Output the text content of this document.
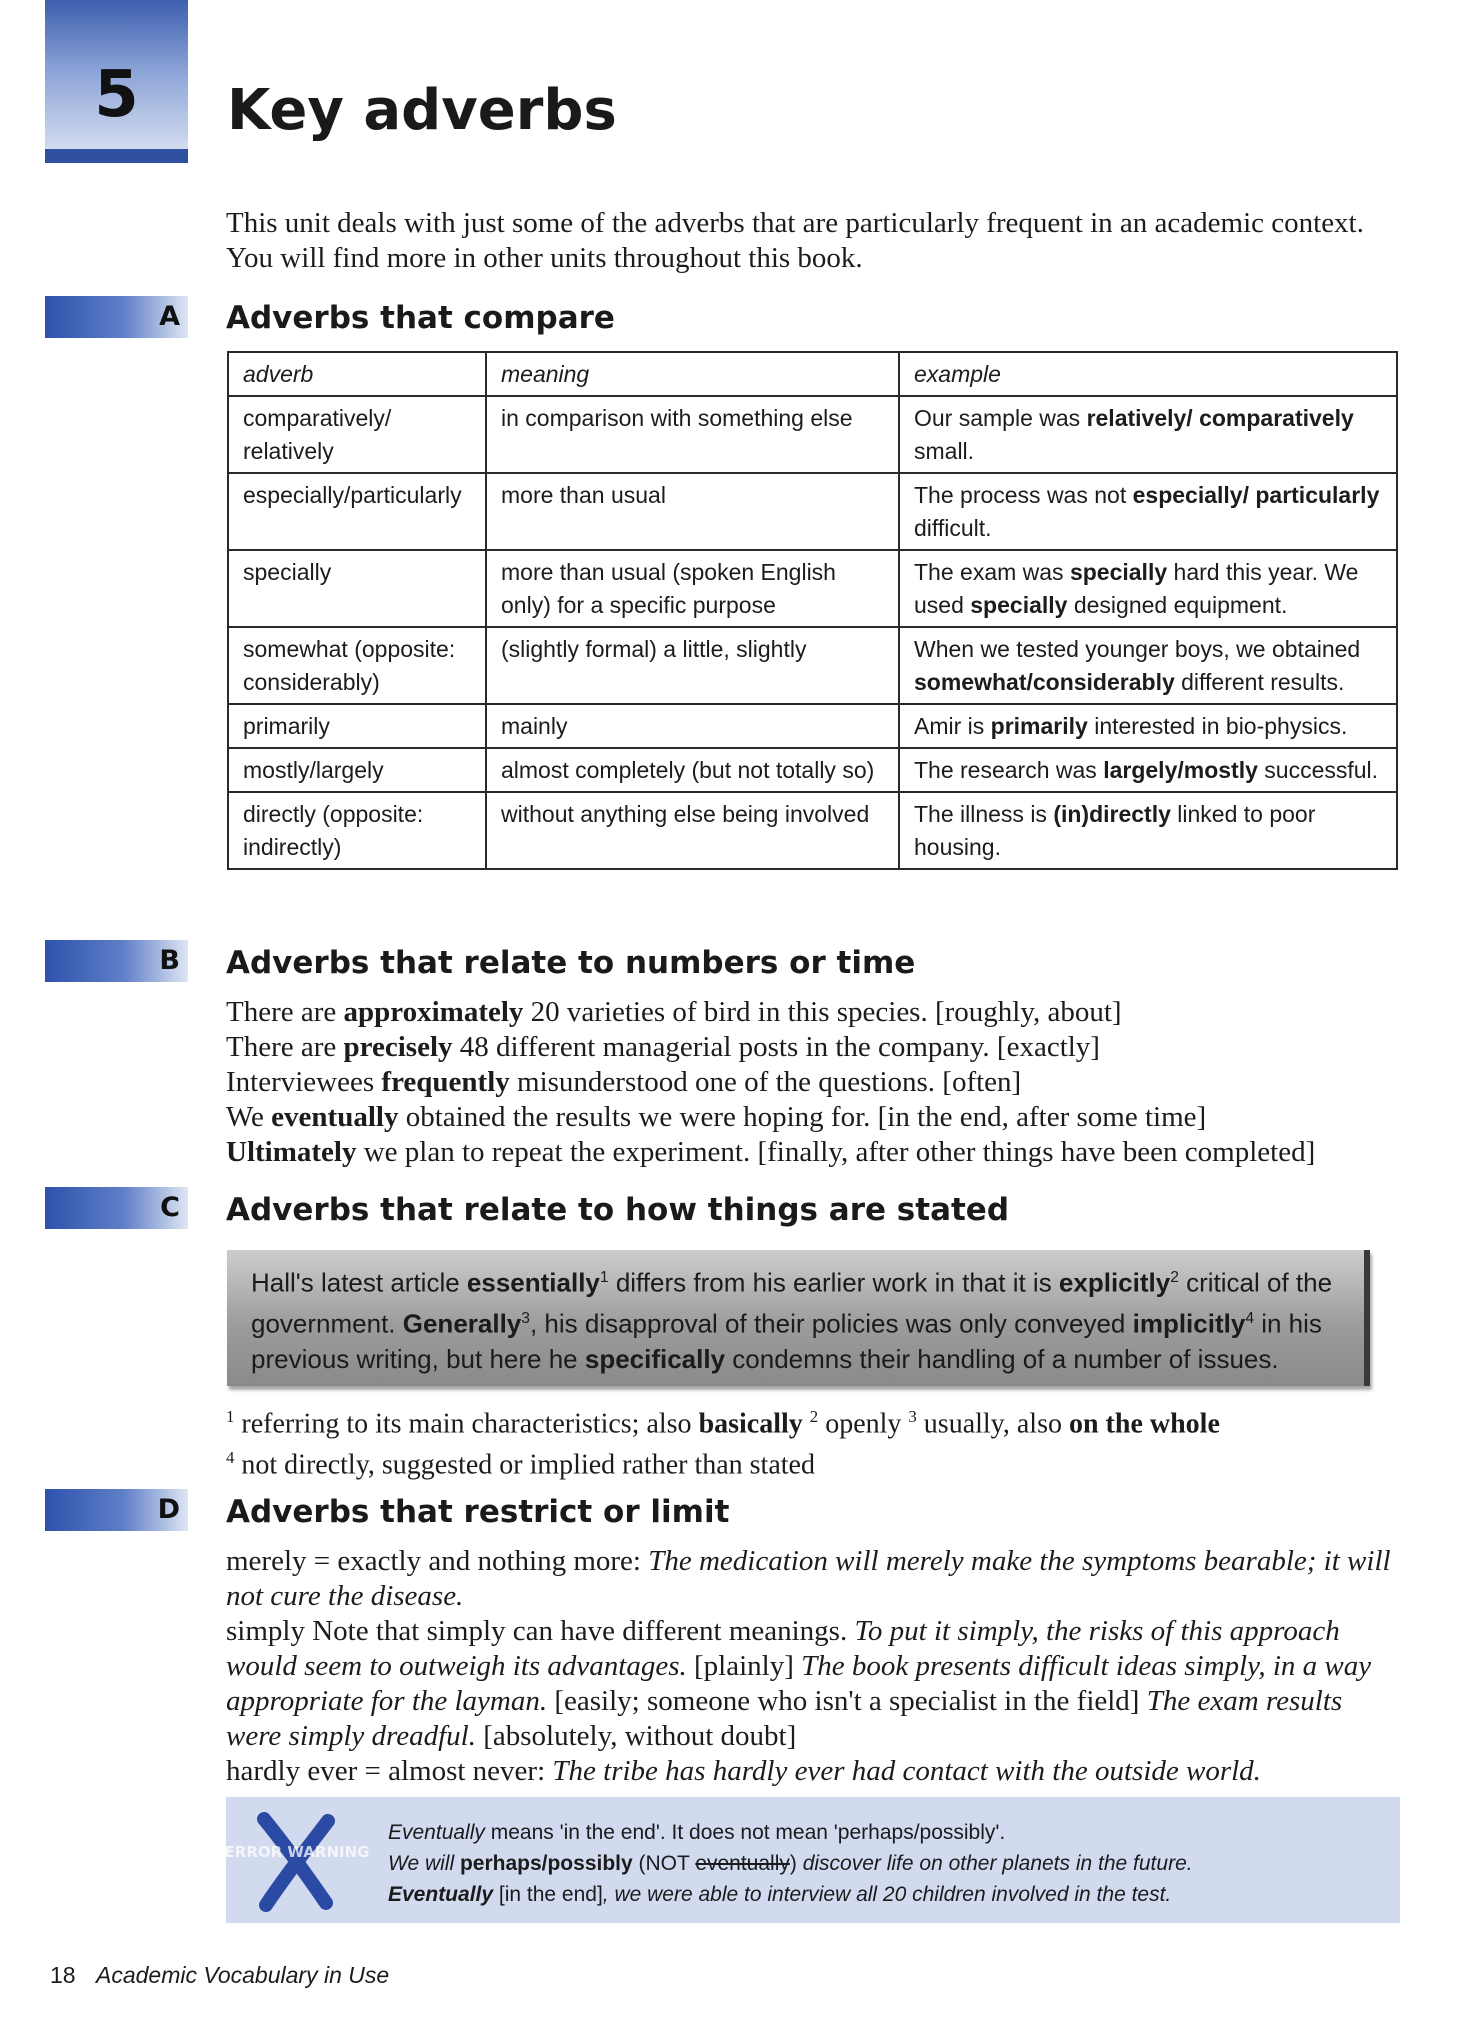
5	Key adverbs
This unit deals with just some of the adverbs that are particularly frequent in an academic context. You will find more in other units throughout this book.
A Adverbs that compare
adverb	meaning	example
comparatively/ relatively	in comparison with something else	Our sample was relatively/ comparatively small.
especially/particularly	more than usual	The process was not especially/ particularly difficult.
specially	more than usual (spoken English only) for a specific purpose	The exam was specially hard this year. We used specially designed equipment.
somewhat (opposite: considerably)	(slightly formal) a little, slightly	When we tested younger boys, we obtained somewhat/considerably different results.
primarily	mainly	Amir is primarily interested in bio-physics.
mostly/largely	almost completely (but not totally so)	The research was largely/mostly successful.
directly (opposite: indirectly)	without anything else being involved	The illness is (in)directly linked to poor housing.
B Adverbs that relate to numbers or time
There are approximately 20 varieties of bird in this species. [roughly, about]
There are precisely 48 different managerial posts in the company. [exactly]
Interviewees frequently misunderstood one of the questions. [often]
We eventually obtained the results we were hoping for. [in the end, after some time]
Ultimately we plan to repeat the experiment. [finally, after other things have been completed]
C Adverbs that relate to how things are stated
Hall's latest article essentially$^1$ differs from his earlier work in that it is explicitly$^2$ critical of the government. Generally$^3$, his disapproval of their policies was only conveyed implicitly$^4$ in his previous writing, but here he specifically condemns their handling of a number of issues.
$^1$ referring to its main characteristics; also basically $^2$ openly $^3$ usually, also on the whole
$^4$ not directly, suggested or implied rather than stated
D Adverbs that restrict or limit
merely = exactly and nothing more: The medication will merely make the symptoms bearable; it will not cure the disease.
simply Note that simply can have different meanings. To put it simply, the risks of this approach would seem to outweigh its advantages. [plainly] The book presents difficult ideas simply, in a way appropriate for the layman. [easily; someone who isn't a specialist in the field] The exam results were simply dreadful. [absolutely, without doubt]
hardly ever = almost never: The tribe has hardly ever had contact with the outside world.
ERROR WARNING
Eventually means 'in the end'. It does not mean 'perhaps/possibly'.
We will perhaps/possibly (NOT eventually) discover life on other planets in the future.
Eventually [in the end], we were able to interview all 20 children involved in the test.
18 Academic Vocabulary in Use
